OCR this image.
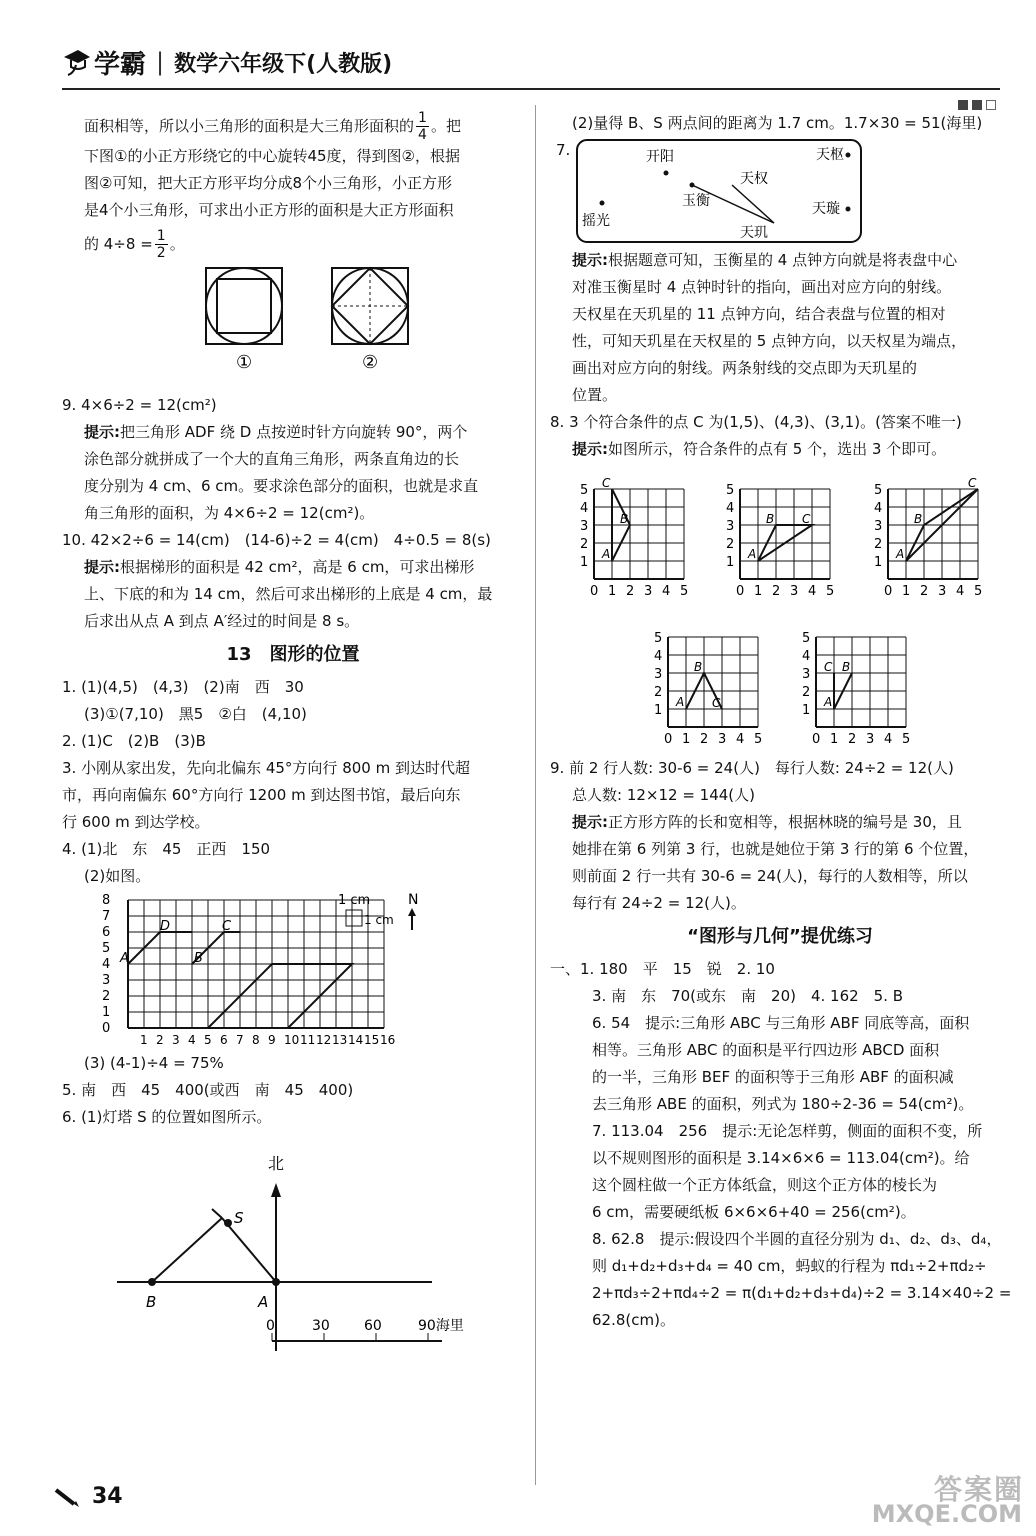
学霸 | 数学六年级下(人教版)
面积相等，所以小三角形的面积是大三角形面积的 $\frac{1}{4}$ 。把
下图①的小正方形绕它的中心旋转45度，得到图②，根据
图②可知，把大正方形平均分成8个小三角形，小正方形
是4个小三角形，可求出小正方形的面积是大正方形面积
的 $4\div 8 = \frac{1}{2}$ 。
①	②
9. 4×6÷2 = 12(cm²)
提示:把三角形 ADF 绕 D 点按逆时针方向旋转 90°，两个
涂色部分就拼成了一个大的直角三角形，两条直角边的长
度分别为 4 cm、6 cm。要求涂色部分的面积，也就是求直
角三角形的面积，为 4×6÷2 = 12(cm²)。
10. 42×2÷6 = 14(cm)　(14-6)÷2 = 4(cm)　4÷0.5 = 8(s)
提示:根据梯形的面积是 42 cm²，高是 6 cm，可求出梯形
上、下底的和为 14 cm，然后可求出梯形的上底是 4 cm，最
后求出从点 A 到点 A′经过的时间是 8 s。
13　图形的位置
1. (1)(4,5)　(4,3)　(2)南　西　30
(3)①(7,10)　黑5　②白　(4,10)
2. (1)C　(2)B　(3)B
3. 小刚从家出发，先向北偏东 45°方向行 800 m 到达时代超
市，再向南偏东 60°方向行 1200 m 到达图书馆，最后向东
行 600 m 到达学校。
4. (1)北　东　45　正西　150
(2)如图。
0
1
2
3
4
5
6
7
8
1 2 3 4 5 6 7 8 9 10 11 12 13 14 15 16
A
D
B
C
1 cm
1 cm
N
(3) (4-1)÷4 = 75%
5. 南　西　45　400(或西　南　45　400)
6. (1)灯塔 S 的位置如图所示。
北
S
B	A
0	30 60	90海里
(2)量得 B、S 两点间的距离为 1.7 cm。1.7×30 = 51(海里)
7.	开阳	天枢
天权
玉衡
摇光
天玑
天璇
提示:根据题意可知，玉衡星的 4 点钟方向就是将表盘中心
对准玉衡星时 4 点钟时针的指向，画出对应方向的射线。
天权星在天玑星的 11 点钟方向，结合表盘与位置的相对
性，可知天玑星在天权星的 5 点钟方向，以天权星为端点，
画出对应方向的射线。两条射线的交点即为天玑星的
位置。
8. 3 个符合条件的点 C 为(1,5)、(4,3)、(3,1)。(答案不唯一)
提示:如图所示，符合条件的点有 5 个，选出 3 个即可。
0 1 2 3 4 5
1
2
3
4
5
A
B
C
0 1 2 3 4 5
1
2
3
4
5
A
B C
0 1 2 3 4 5
1
2
3
4
5
A
B
C
0 1 2 3 4 5
1
2
3
4
5
A
B
C
0 1 2 3 4 5
1
2
3
4
5
A
B
C
9. 前 2 行人数: 30-6 = 24(人)　每行人数: 24÷2 = 12(人)
总人数: 12×12 = 144(人)
提示:正方形方阵的长和宽相等，根据林晓的编号是 30，且
她排在第 6 列第 3 行，也就是她位于第 3 行的第 6 个位置，
则前面 2 行一共有 30-6 = 24(人)，每行的人数相等，所以
每行有 24÷2 = 12(人)。
“图形与几何”提优练习
一、1. 180　平　15　锐　2. 10
3. 南　东　70(或东　南　20)　4. 162　5. B
6. 54　提示:三角形 ABC 与三角形 ABF 同底等高，面积
相等。三角形 ABC 的面积是平行四边形 ABCD 面积
的一半，三角形 BEF 的面积等于三角形 ABF 的面积减
去三角形 ABE 的面积，列式为 180÷2-36 = 54(cm²)。
7. 113.04　256　提示:无论怎样剪，侧面的面积不变，所
以不规则图形的面积是 3.14×6×6 = 113.04(cm²)。给
这个圆柱做一个正方体纸盒，则这个正方体的棱长为
6 cm，需要硬纸板 6×6×6+40 = 256(cm²)。
8. 62.8　提示:假设四个半圆的直径分别为 d₁、d₂、d₃、d₄，
则 d₁+d₂+d₃+d₄ = 40 cm，蚂蚁的行程为 πd₁÷2+πd₂÷
2+πd₃÷2+πd₄÷2 = π(d₁+d₂+d₃+d₄)÷2 = 3.14×40÷2 =
62.8(cm)。
34	答案圈
MXQE.COM
